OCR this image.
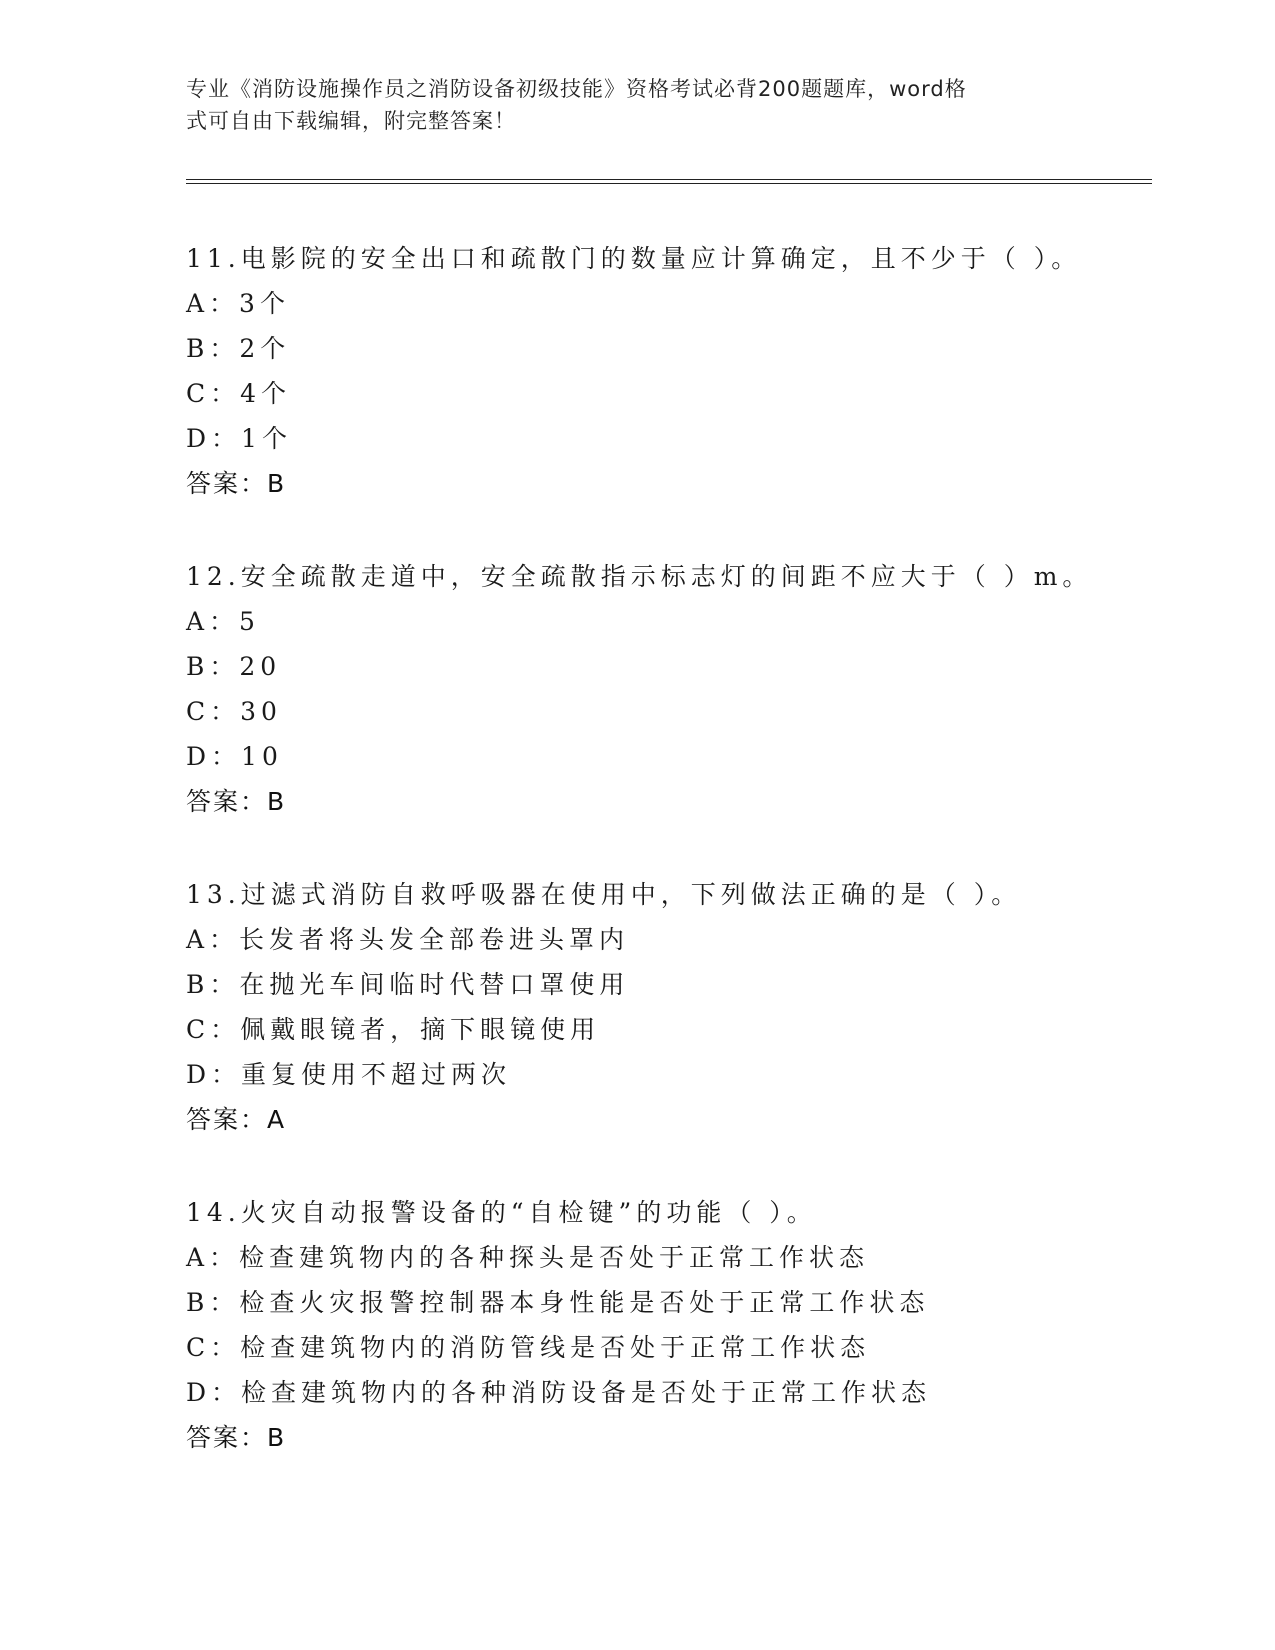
专业《消防设施操作员之消防设备初级技能》资格考试必背200题题库，word格
式可自由下载编辑，附完整答案！
11.电影院的安全出口和疏散门的数量应计算确定，且不少于（ ）。
A：3个
B：2个
C：4个
D：1个
答案：B
12.安全疏散走道中，安全疏散指示标志灯的间距不应大于（ ）m。
A：5
B：20
C：30
D：10
答案：B
13.过滤式消防自救呼吸器在使用中，下列做法正确的是（ ）。
A：长发者将头发全部卷进头罩内
B：在抛光车间临时代替口罩使用
C：佩戴眼镜者，摘下眼镜使用
D：重复使用不超过两次
答案：A
14.火灾自动报警设备的“自检键”的功能（ ）。
A：检查建筑物内的各种探头是否处于正常工作状态
B：检查火灾报警控制器本身性能是否处于正常工作状态
C：检查建筑物内的消防管线是否处于正常工作状态
D：检查建筑物内的各种消防设备是否处于正常工作状态
答案：B
